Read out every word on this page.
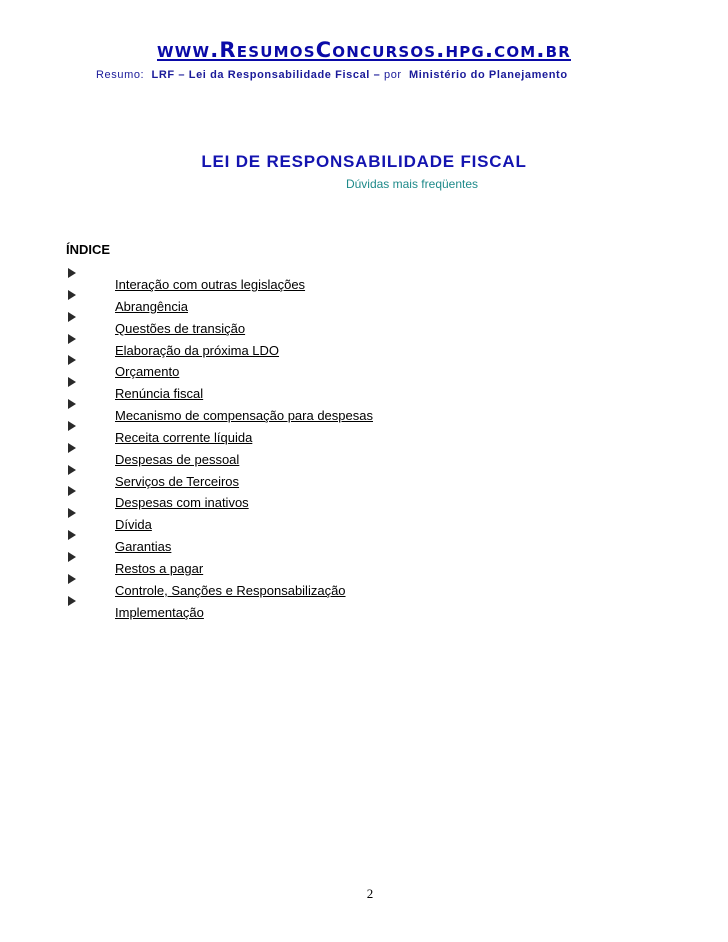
www.ResumosConcursos.hpg.com.br
Resumo: LRF – Lei da Responsabilidade Fiscal – por Ministério do Planejamento
LEI DE RESPONSABILIDADE FISCAL
Dúvidas mais freqüentes
ÍNDICE
Interação com outras legislações
Abrangência
Questões de transição
Elaboração da próxima LDO
Orçamento
Renúncia fiscal
Mecanismo de compensação para despesas
Receita corrente líquida
Despesas de pessoal
Serviços de Terceiros
Despesas com inativos
Dívida
Garantias
Restos a pagar
Controle, Sanções e Responsabilização
Implementação
2
